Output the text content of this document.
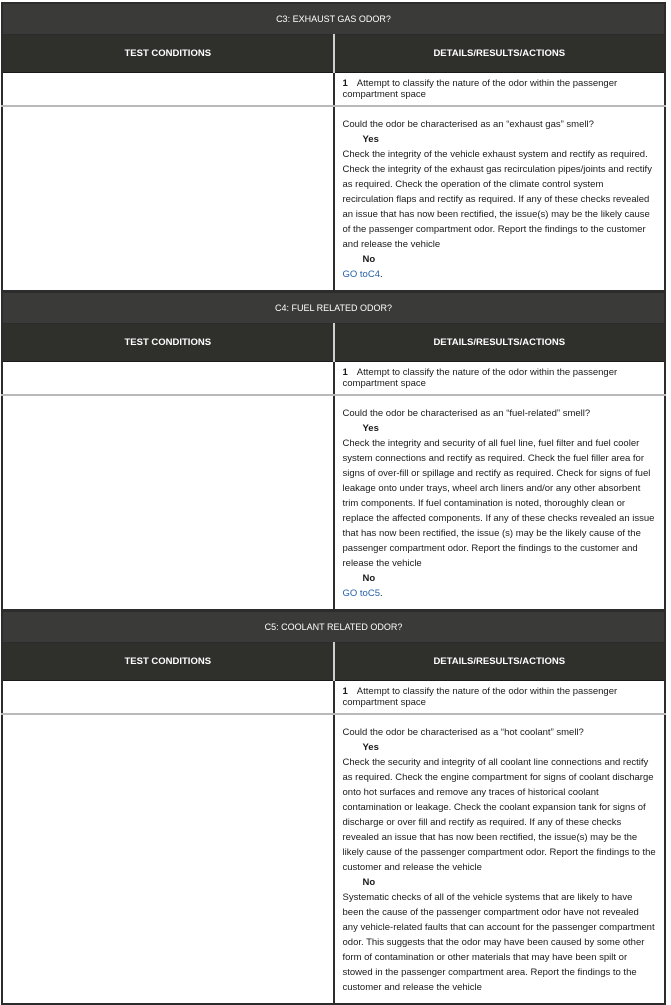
C3: EXHAUST GAS ODOR?	
TEST CONDITIONS	DETAILS/RESULTS/ACTIONS
	1 Attempt to classify the nature of the odor within the passenger compartment space

	Could the odor be characterised as an “exhaust gas” smell?
Yes
Check the integrity of the vehicle exhaust system and rectify as required. Check the integrity of the exhaust gas recirculation pipes/joints and rectify as required. Check the operation of the climate control system recirculation flaps and rectify as required. If any of these checks revealed an issue that has now been rectified, the issue(s) may be the likely cause of the passenger compartment odor. Report the findings to the customer and release the vehicle
No
GO toC4.
C4: FUEL RELATED ODOR?	
TEST CONDITIONS	DETAILS/RESULTS/ACTIONS
	1 Attempt to classify the nature of the odor within the passenger compartment space

	Could the odor be characterised as an “fuel-related” smell?
Yes
Check the integrity and security of all fuel line, fuel filter and fuel cooler system connections and rectify as required. Check the fuel filler area for signs of over-fill or spillage and rectify as required. Check for signs of fuel leakage onto under trays, wheel arch liners and/or any other absorbent trim components. If fuel contamination is noted, thoroughly clean or replace the affected components. If any of these checks revealed an issue that has now been rectified, the issue (s) may be the likely cause of the passenger compartment odor. Report the findings to the customer and release the vehicle
No
GO toC5.
C5: COOLANT RELATED ODOR?	
TEST CONDITIONS	DETAILS/RESULTS/ACTIONS
	1 Attempt to classify the nature of the odor within the passenger compartment space

	Could the odor be characterised as a “hot coolant” smell?
Yes
Check the security and integrity of all coolant line connections and rectify as required. Check the engine compartment for signs of coolant discharge onto hot surfaces and remove any traces of historical coolant contamination or leakage. Check the coolant expansion tank for signs of discharge or over fill and rectify as required. If any of these checks revealed an issue that has now been rectified, the issue(s) may be the likely cause of the passenger compartment odor. Report the findings to the customer and release the vehicle
No
Systematic checks of all of the vehicle systems that are likely to have been the cause of the passenger compartment odor have not revealed any vehicle-related faults that can account for the passenger compartment odor. This suggests that the odor may have been caused by some other form of contamination or other materials that may have been spilt or stowed in the passenger compartment area. Report the findings to the customer and release the vehicle
